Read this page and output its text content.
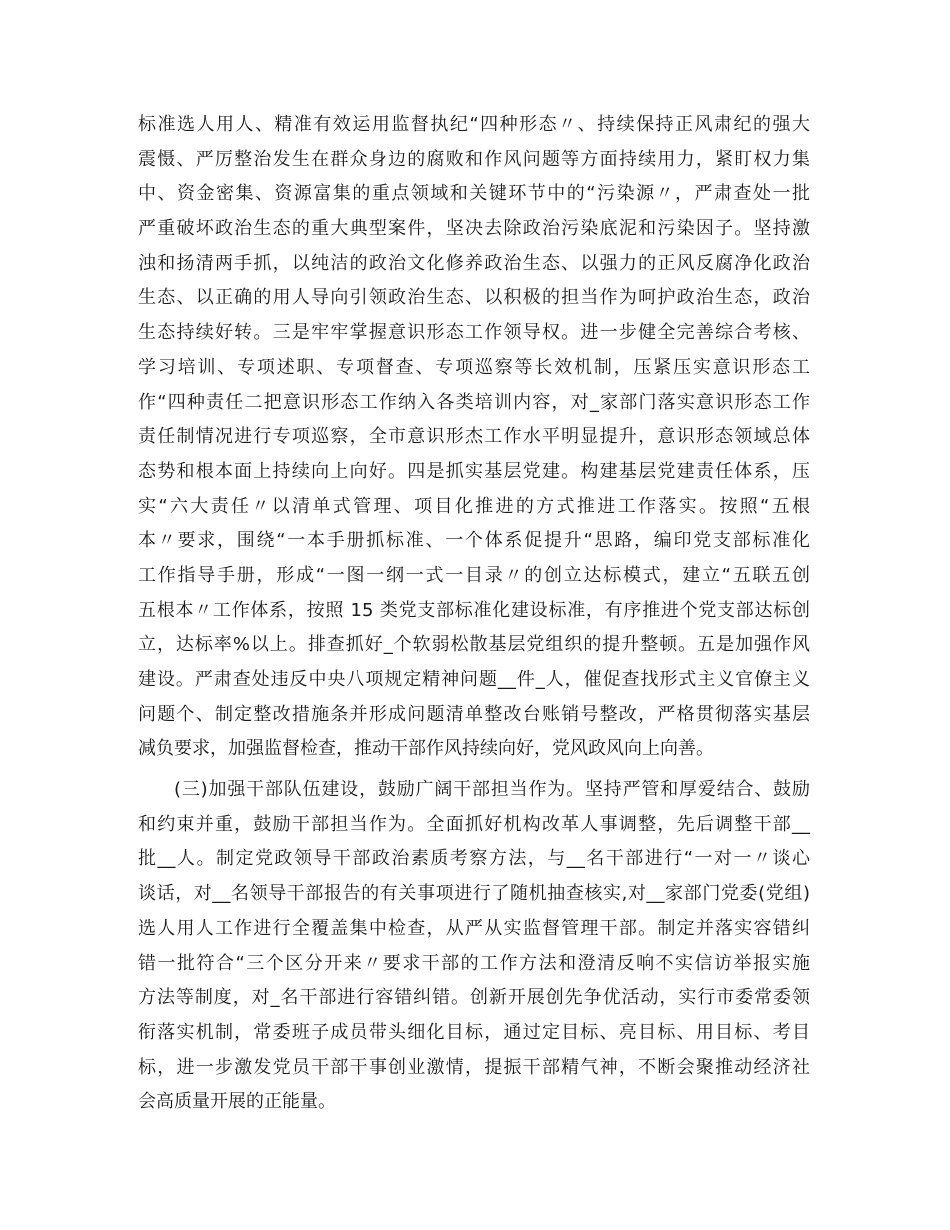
标准选人用人、精准有效运用监督执纪“四种形态〃、持续保持正风肃纪的强大
震慑、严厉整治发生在群众身边的腐败和作风问题等方面持续用力，紧盯权力集
中、资金密集、资源富集的重点领域和关键环节中的“污染源〃，严肃查处一批
严重破坏政治生态的重大典型案件，坚决去除政治污染底泥和污染因子。坚持激
浊和扬清两手抓，以纯洁的政治文化修养政治生态、以强力的正风反腐净化政治
生态、以正确的用人导向引领政治生态、以积极的担当作为呵护政治生态，政治
生态持续好转。三是牢牢掌握意识形态工作领导权。进一步健全完善综合考核、
学习培训、专项述职、专项督查、专项巡察等长效机制，压紧压实意识形态工
作“四种责任二把意识形态工作纳入各类培训内容，对_家部门落实意识形态工作
责任制情况进行专项巡察，全市意识形杰工作水平明显提升，意识形态领域总体
态势和根本面上持续向上向好。四是抓实基层党建。构建基层党建责任体系，压
实“六大责任〃以清单式管理、项目化推进的方式推进工作落实。按照“五根
本〃要求，围绕“一本手册抓标准、一个体系促提升“思路，编印党支部标准化
工作指导手册，形成“一图一纲一式一目录〃的创立达标模式，建立“五联五创
五根本〃工作体系，按照 15 类党支部标准化建设标准，有序推进个党支部达标创
立，达标率%以上。排查抓好_个软弱松散基层党组织的提升整顿。五是加强作风
建设。严肃查处违反中央八项规定精神问题__件_人，催促查找形式主义官僚主义
问题个、制定整改措施条并形成问题清单整改台账销号整改，严格贯彻落实基层
减负要求，加强监督检查，推动干部作风持续向好，党风政风向上向善。
(三)加强干部队伍建设，鼓励广阔干部担当作为。坚持严管和厚爱结合、鼓励
和约束并重，鼓励干部担当作为。全面抓好机构改革人事调整，先后调整干部__
批__人。制定党政领导干部政治素质考察方法，与__名干部进行“一对一〃谈心
谈话，对__名领导干部报告的有关事项进行了随机抽查核实,对__家部门党委(党组)
选人用人工作进行全覆盖集中检查，从严从实监督管理干部。制定并落实容错纠
错一批符合“三个区分开来〃要求干部的工作方法和澄清反响不实信访举报实施
方法等制度，对_名干部进行容错纠错。创新开展创先争优活动，实行市委常委领
衔落实机制，常委班子成员带头细化目标，通过定目标、亮目标、用目标、考目
标，进一步激发党员干部干事创业激情，提振干部精气神，不断会聚推动经济社
会高质量开展的正能量。
